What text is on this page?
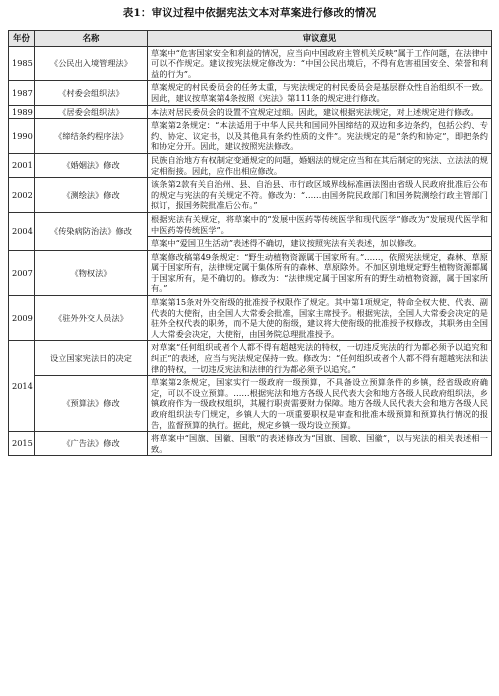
表1：审议过程中依据宪法文本对草案进行修改的情况
年份	名称	审议意见
1985	《公民出入境管理法》	草案中“危害国家安全和利益的情况，应当向中国政府主管机关反映”属于工作问题，在法律中可以不作规定。建议按宪法规定修改为：“中国公民出境后，不得有危害祖国安全、荣誉和利益的行为”。
1987	《村委会组织法》	草案规定的村民委员会的任务太重，与宪法规定的村民委员会是基层群众性自治组织不一致。因此，建议按草案第4条按照《宪法》第111条的规定进行修改。
1989	《居委会组织法》	本法对居民委员会的设置不宜规定过细。因此，建议根据宪法规定，对上述规定进行修改。
1990	《缔结条约程序法》	草案第2条规定：“本法适用于中华人民共和国同外国缔结的双边和多边条约，包括公约、专约、协定、议定书，以及其他具有条约性质的文件”。宪法规定的是“条约和协定”，即把条约和协定分开。因此，建议按照宪法修改。
2001	《婚姻法》修改	民族自治地方有权制定变通规定的问题，婚姻法的规定应当和在其后制定的宪法、立法法的规定相衔接。因此，应作出相应修改。
2002	《测绘法》修改	该条第2款有关自治州、县、自治县、市行政区域界线标准画法图由省级人民政府批准后公布的规定与宪法的有关规定不符。修改为：“……由国务院民政部门和国务院测绘行政主管部门拟订，报国务院批准后公布。”
2004	《传染病防治法》修改	根据宪法有关规定，将草案中的“发展中医药等传统医学和现代医学”修改为“发展现代医学和中医药等传统医学”。
		草案中“爱国卫生活动”表述得不确切，建议按照宪法有关表述，加以修改。
2007	《物权法》	草案修改稿第49条规定：“野生动植物资源属于国家所有。”……，依照宪法规定，森林、草原属于国家所有，法律规定属于集体所有的森林、草原除外。不加区别地规定野生植物资源都属于国家所有，是不确切的。修改为：“法律规定属于国家所有的野生动植物资源，属于国家所有。”
2009	《驻外外交人员法》	草案第15条对外交衔级的批准授予权限作了规定。其中第1项规定，特命全权大使、代表、副代表的大使衔，由全国人大常委会批准，国家主席授予。根据宪法，全国人大常委会决定的是驻外全权代表的职务，而不是大使的衔级，建议将大使衔级的批准授予权修改，其职务由全国人大常委会决定，大使衔，由国务院总理批准授予。
2014	设立国家宪法日的决定	对草案“任何组织或者个人都不得有超越宪法的特权，一切违反宪法的行为都必须予以追究和纠正”的表述，应当与宪法规定保持一致。修改为：“任何组织或者个人都不得有超越宪法和法律的特权，一切违反宪法和法律的行为都必须予以追究。”
	《预算法》修改	草案第2条规定，国家实行一级政府一级预算，不具备设立预算条件的乡镇，经省级政府确定，可以不设立预算。……根据宪法和地方各级人民代表大会和地方各级人民政府组织法，乡镇政府作为一级政权组织，其履行职责需要财力保障。地方各级人民代表大会和地方各级人民政府组织法专门规定，乡镇人大的一项重要职权是审查和批准本级预算和预算执行情况的报告，监督预算的执行。据此，规定乡镇一级均设立预算。
2015	《广告法》修改	将草案中“国旗、国徽、国歌”的表述修改为“国旗、国歌、国徽”，以与宪法的相关表述相一致。
